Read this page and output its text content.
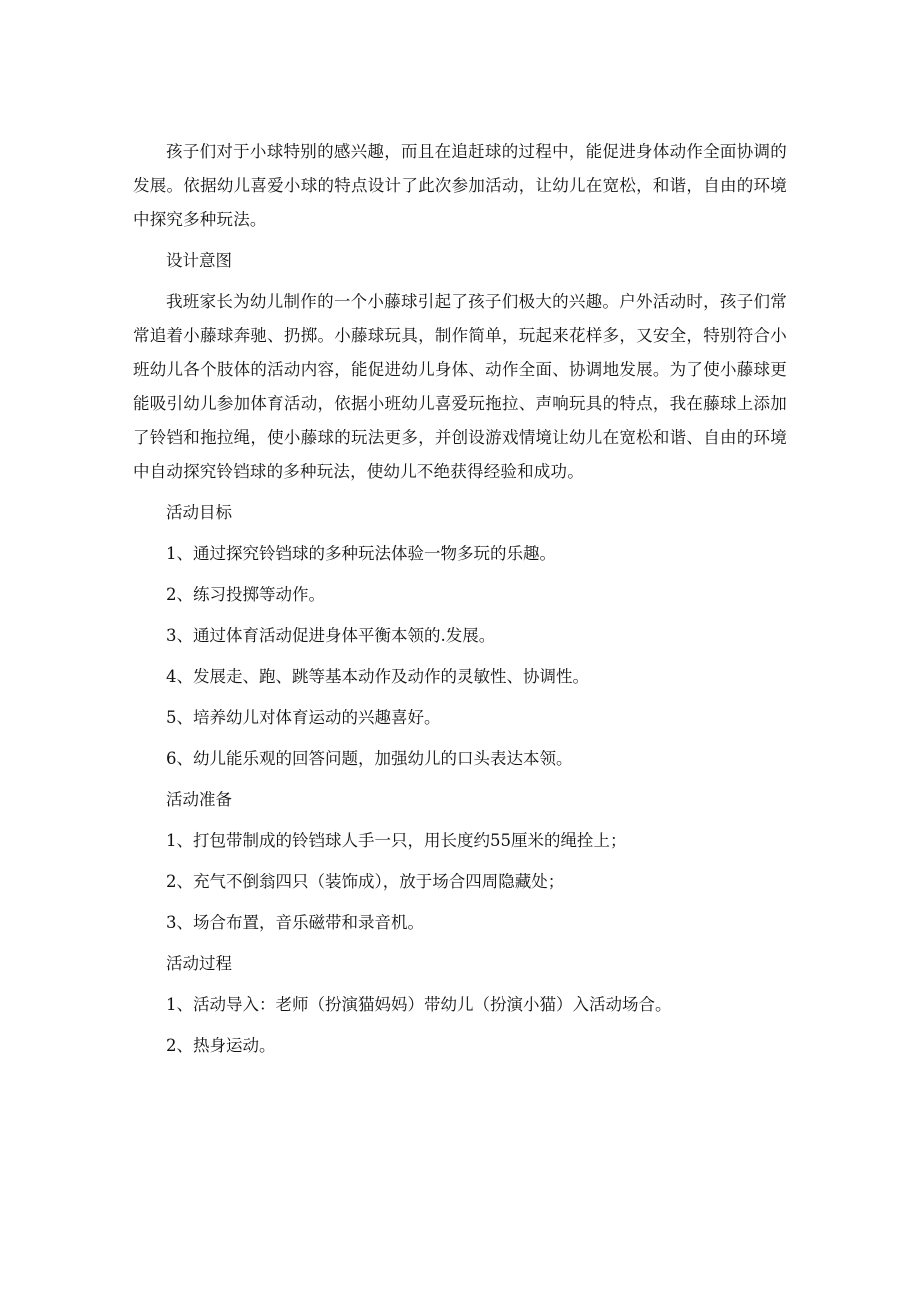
孩子们对于小球特别的感兴趣，而且在追赶球的过程中，能促进身体动作全面协调的发展。依据幼儿喜爱小球的特点设计了此次参加活动，让幼儿在宽松，和谐，自由的环境中探究多种玩法。

设计意图

我班家长为幼儿制作的一个小藤球引起了孩子们极大的兴趣。户外活动时，孩子们常常追着小藤球奔驰、扔掷。小藤球玩具，制作简单，玩起来花样多，又安全，特别符合小班幼儿各个肢体的活动内容，能促进幼儿身体、动作全面、协调地发展。为了使小藤球更能吸引幼儿参加体育活动，依据小班幼儿喜爱玩拖拉、声响玩具的特点，我在藤球上添加了铃铛和拖拉绳，使小藤球的玩法更多，并创设游戏情境让幼儿在宽松和谐、自由的环境中自动探究铃铛球的多种玩法，使幼儿不绝获得经验和成功。

活动目标

1、通过探究铃铛球的多种玩法体验一物多玩的乐趣。

2、练习投掷等动作。

3、通过体育活动促进身体平衡本领的.发展。

4、发展走、跑、跳等基本动作及动作的灵敏性、协调性。

5、培养幼儿对体育运动的兴趣喜好。

6、幼儿能乐观的回答问题，加强幼儿的口头表达本领。

活动准备

1、打包带制成的铃铛球人手一只，用长度约55厘米的绳拴上；

2、充气不倒翁四只（装饰成），放于场合四周隐藏处；

3、场合布置，音乐磁带和录音机。

活动过程

1、活动导入：老师（扮演猫妈妈）带幼儿（扮演小猫）入活动场合。

2、热身运动。
